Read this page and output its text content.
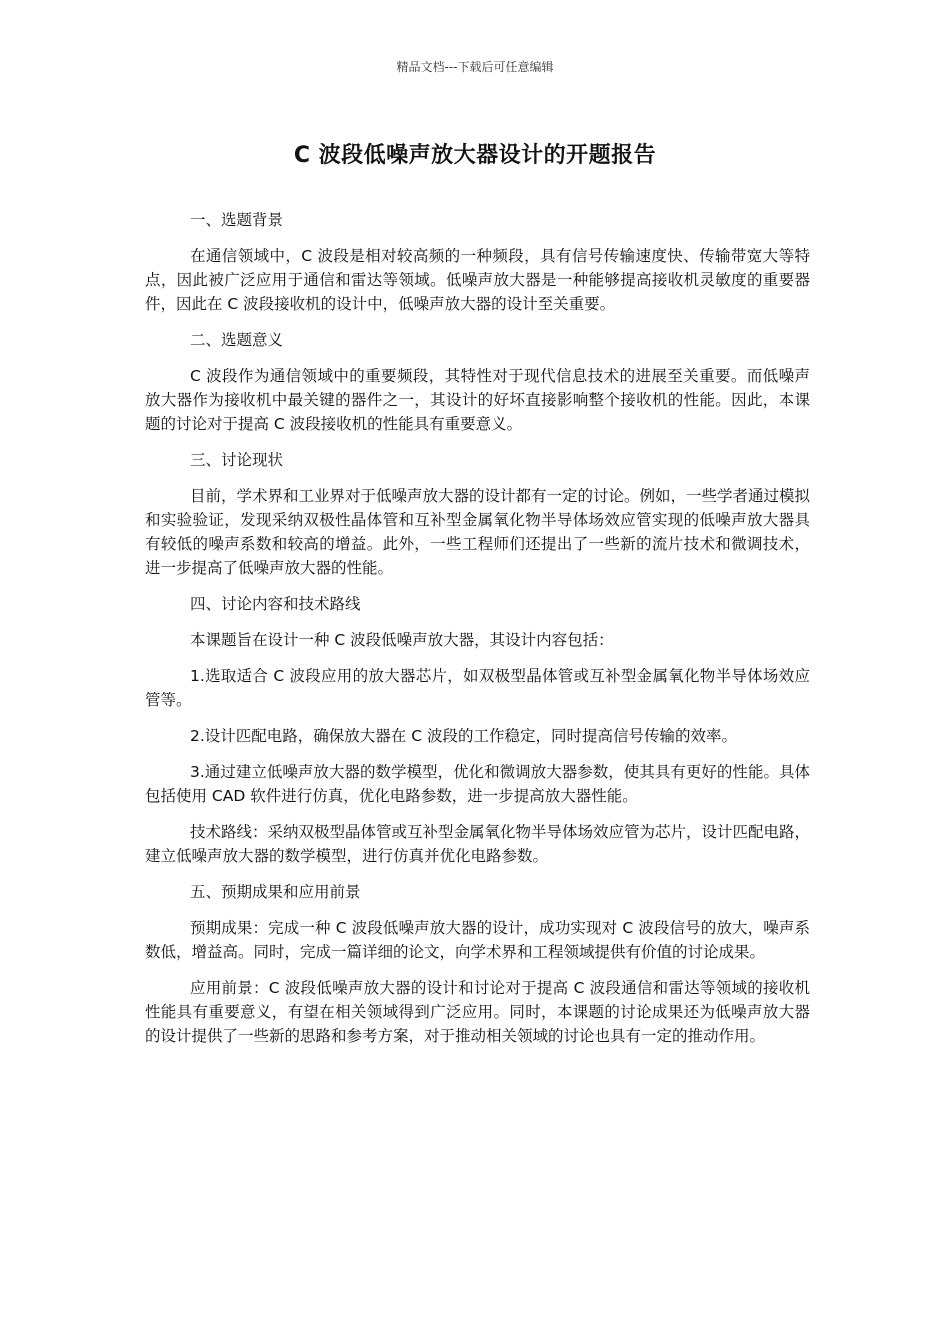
精品文档---下载后可任意编辑
C 波段低噪声放大器设计的开题报告

一、选题背景

在通信领域中，C 波段是相对较高频的一种频段，具有信号传输速度快、传输带宽大等特点，因此被广泛应用于通信和雷达等领域。低噪声放大器是一种能够提高接收机灵敏度的重要器件，因此在 C 波段接收机的设计中，低噪声放大器的设计至关重要。

二、选题意义

C 波段作为通信领域中的重要频段，其特性对于现代信息技术的进展至关重要。而低噪声放大器作为接收机中最关键的器件之一，其设计的好坏直接影响整个接收机的性能。因此，本课题的讨论对于提高 C 波段接收机的性能具有重要意义。

三、讨论现状

目前，学术界和工业界对于低噪声放大器的设计都有一定的讨论。例如，一些学者通过模拟和实验验证，发现采纳双极性晶体管和互补型金属氧化物半导体场效应管实现的低噪声放大器具有较低的噪声系数和较高的增益。此外，一些工程师们还提出了一些新的流片技术和微调技术，进一步提高了低噪声放大器的性能。

四、讨论内容和技术路线

本课题旨在设计一种 C 波段低噪声放大器，其设计内容包括：

1.选取适合 C 波段应用的放大器芯片，如双极型晶体管或互补型金属氧化物半导体场效应管等。

2.设计匹配电路，确保放大器在 C 波段的工作稳定，同时提高信号传输的效率。

3.通过建立低噪声放大器的数学模型，优化和微调放大器参数，使其具有更好的性能。具体包括使用 CAD 软件进行仿真，优化电路参数，进一步提高放大器性能。

技术路线：采纳双极型晶体管或互补型金属氧化物半导体场效应管为芯片，设计匹配电路，建立低噪声放大器的数学模型，进行仿真并优化电路参数。

五、预期成果和应用前景

预期成果：完成一种 C 波段低噪声放大器的设计，成功实现对 C 波段信号的放大，噪声系数低，增益高。同时，完成一篇详细的论文，向学术界和工程领域提供有价值的讨论成果。

应用前景：C 波段低噪声放大器的设计和讨论对于提高 C 波段通信和雷达等领域的接收机性能具有重要意义，有望在相关领域得到广泛应用。同时，本课题的讨论成果还为低噪声放大器的设计提供了一些新的思路和参考方案，对于推动相关领域的讨论也具有一定的推动作用。
